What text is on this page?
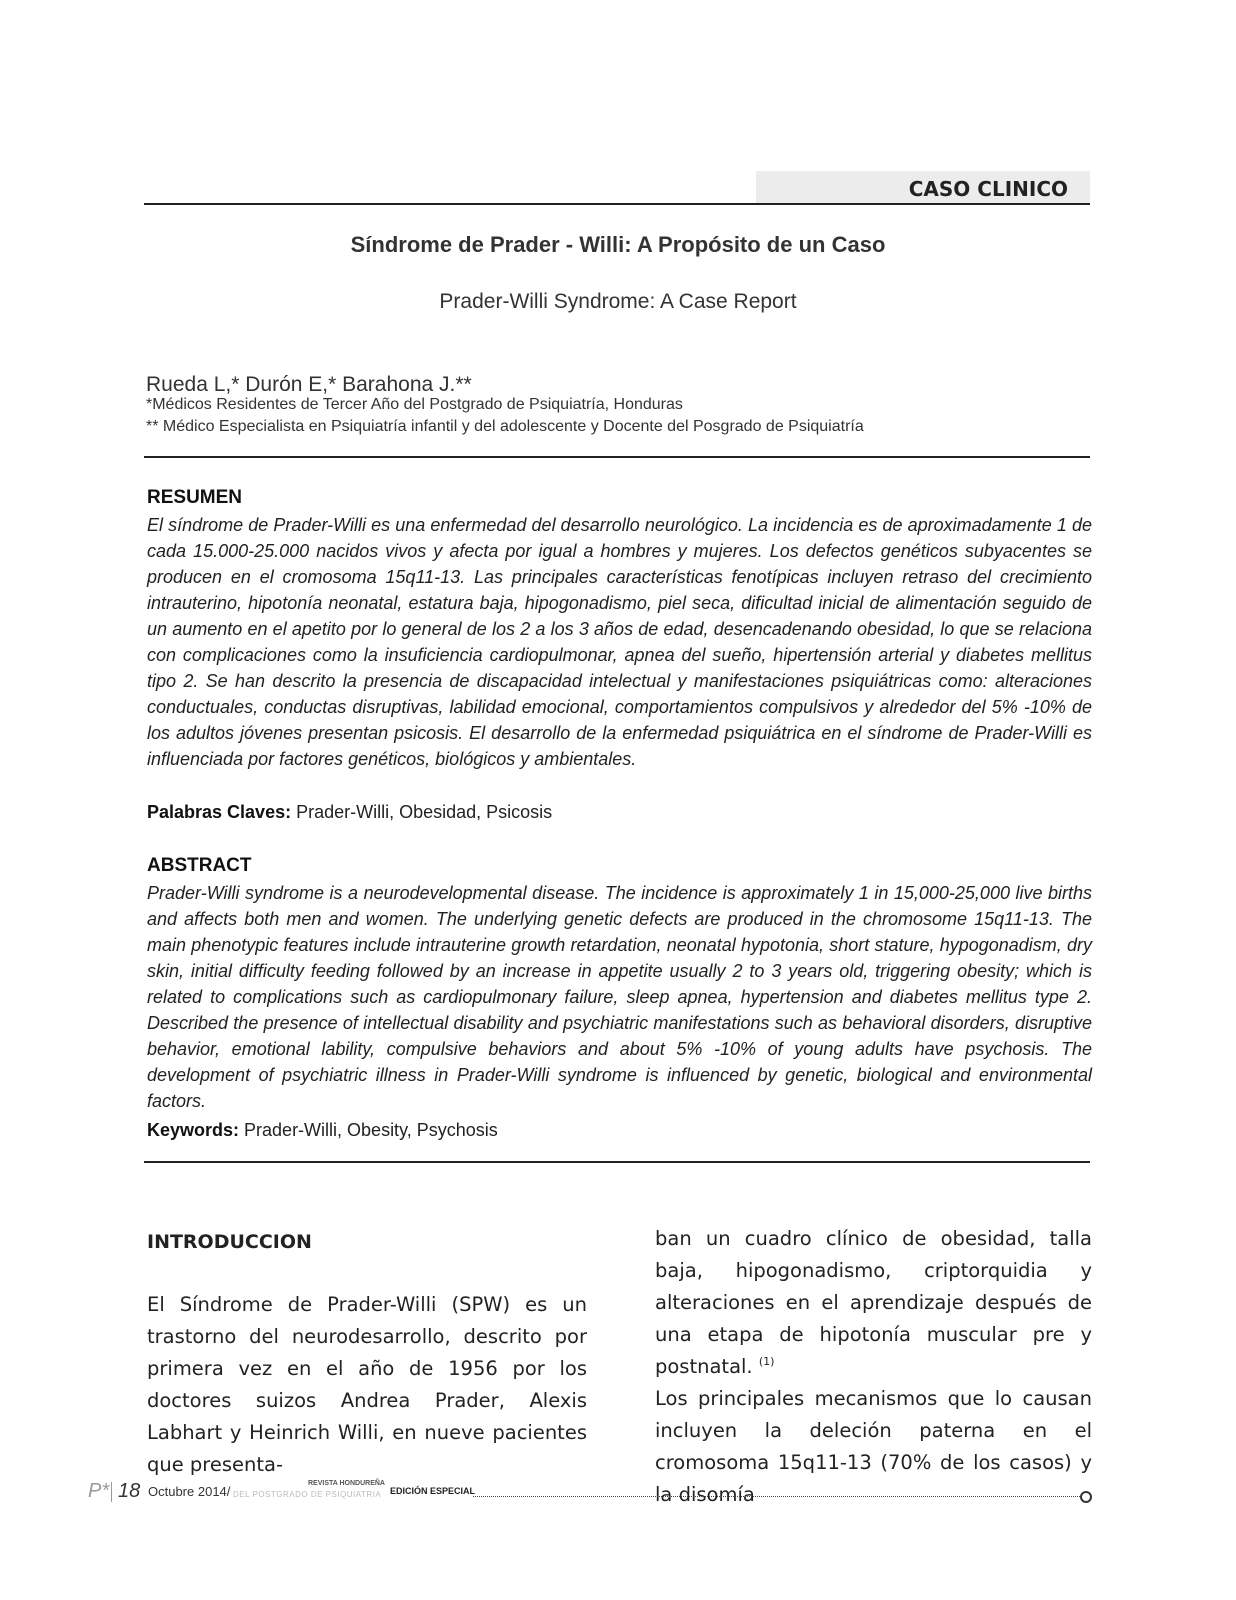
CASO CLINICO
Síndrome de Prader - Willi: A Propósito de un Caso
Prader-Willi Syndrome: A Case Report
Rueda L,* Durón E,* Barahona J.**
*Médicos Residentes de Tercer Año del Postgrado de Psiquiatría, Honduras
** Médico Especialista en Psiquiatría infantil y del adolescente y Docente del Posgrado de Psiquiatría
RESUMEN
El síndrome de Prader-Willi es una enfermedad del desarrollo neurológico. La incidencia es de aproximadamente 1 de cada 15.000-25.000 nacidos vivos y afecta por igual a hombres y mujeres. Los defectos genéticos subyacentes se producen en el cromosoma 15q11-13. Las principales características fenotípicas incluyen retraso del crecimiento intrauterino, hipotonía neonatal, estatura baja, hipogonadismo, piel seca, dificultad inicial de alimentación seguido de un aumento en el apetito por lo general de los 2 a los 3 años de edad, desencadenando obesidad, lo que se relaciona con complicaciones como la insuficiencia cardiopulmonar, apnea del sueño, hipertensión arterial y diabetes mellitus tipo 2. Se han descrito la presencia de discapacidad intelectual y manifestaciones psiquiátricas como: alteraciones conductuales, conductas disruptivas, labilidad emocional, comportamientos compulsivos y alrededor del 5% -10% de los adultos jóvenes presentan psicosis. El desarrollo de la enfermedad psiquiátrica en el síndrome de Prader-Willi es influenciada por factores genéticos, biológicos y ambientales.
Palabras Claves: Prader-Willi, Obesidad, Psicosis
ABSTRACT
Prader-Willi syndrome is a neurodevelopmental disease. The incidence is approximately 1 in 15,000-25,000 live births and affects both men and women. The underlying genetic defects are produced in the chromosome 15q11-13. The main phenotypic features include intrauterine growth retardation, neonatal hypotonia, short stature, hypogonadism, dry skin, initial difficulty feeding followed by an increase in appetite usually 2 to 3 years old, triggering obesity; which is related to complications such as cardiopulmonary failure, sleep apnea, hypertension and diabetes mellitus type 2. Described the presence of intellectual disability and psychiatric manifestations such as behavioral disorders, disruptive behavior, emotional lability, compulsive behaviors and about 5% -10% of young adults have psychosis. The development of psychiatric illness in Prader-Willi syndrome is influenced by genetic, biological and environmental factors.
Keywords: Prader-Willi, Obesity, Psychosis
INTRODUCCION
El Síndrome de Prader-Willi (SPW) es un trastorno del neurodesarrollo, descrito por primera vez en el año de 1956 por los doctores suizos Andrea Prader, Alexis Labhart y Heinrich Willi, en nueve pacientes que presenta-
ban un cuadro clínico de obesidad, talla baja, hipogonadismo, criptorquidia y alteraciones en el aprendizaje después de una etapa de hipotonía muscular pre y postnatal. $^{(1)}$
Los principales mecanismos que lo causan incluyen la deleción paterna en el cromosoma 15q11-13 (70% de los casos) y la disomía
P* 18 Octubre 2014/
REVISTA HONDUREÑA
DEL POSTGRADO DE PSIQUIATRIA EDICIÓN ESPECIAL
